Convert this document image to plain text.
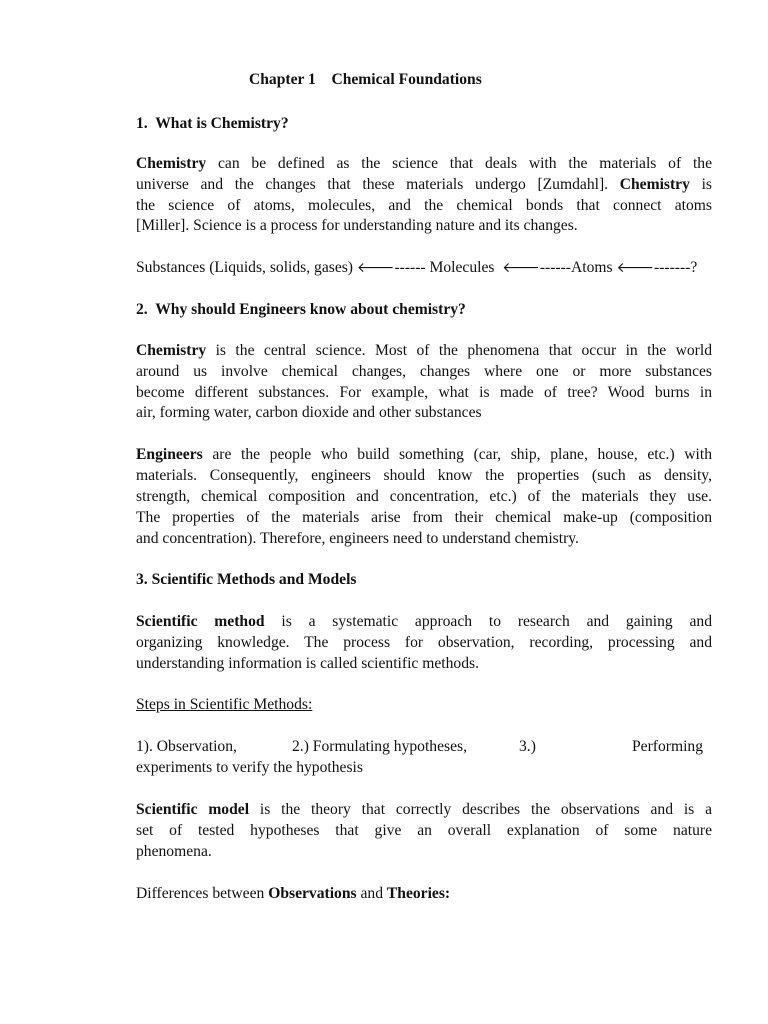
Chapter 1    Chemical Foundations
1.  What is Chemistry?
Chemistry can be defined as the science that deals with the materials of the
universe and the changes that these materials undergo [Zumdahl]. Chemistry is
the science of atoms, molecules, and the chemical bonds that connect atoms
[Miller]. Science is a process for understanding nature and its changes.
Substances (Liquids, solids, gases) 🡐------ Molecules  🡐------Atoms 🡐-------?
2.  Why should Engineers know about chemistry?
Chemistry is the central science. Most of the phenomena that occur in the world
around us involve chemical changes, changes where one or more substances
become different substances. For example, what is made of tree? Wood burns in
air, forming water, carbon dioxide and other substances
Engineers are the people who build something (car, ship, plane, house, etc.) with
materials. Consequently, engineers should know the properties (such as density,
strength, chemical composition and concentration, etc.) of the materials they use.
The properties of the materials arise from their chemical make-up (composition
and concentration). Therefore, engineers need to understand chemistry.
3. Scientific Methods and Models
Scientific method is a systematic approach to research and gaining and
organizing knowledge. The process for observation, recording, processing and
understanding information is called scientific methods.
Steps in Scientific Methods:
1). Observation,	2.) Formulating hypotheses,	3.)	Performing
experiments to verify the hypothesis
Scientific model is the theory that correctly describes the observations and is a
set of tested hypotheses that give an overall explanation of some nature
phenomena.
Differences between Observations and Theories:
